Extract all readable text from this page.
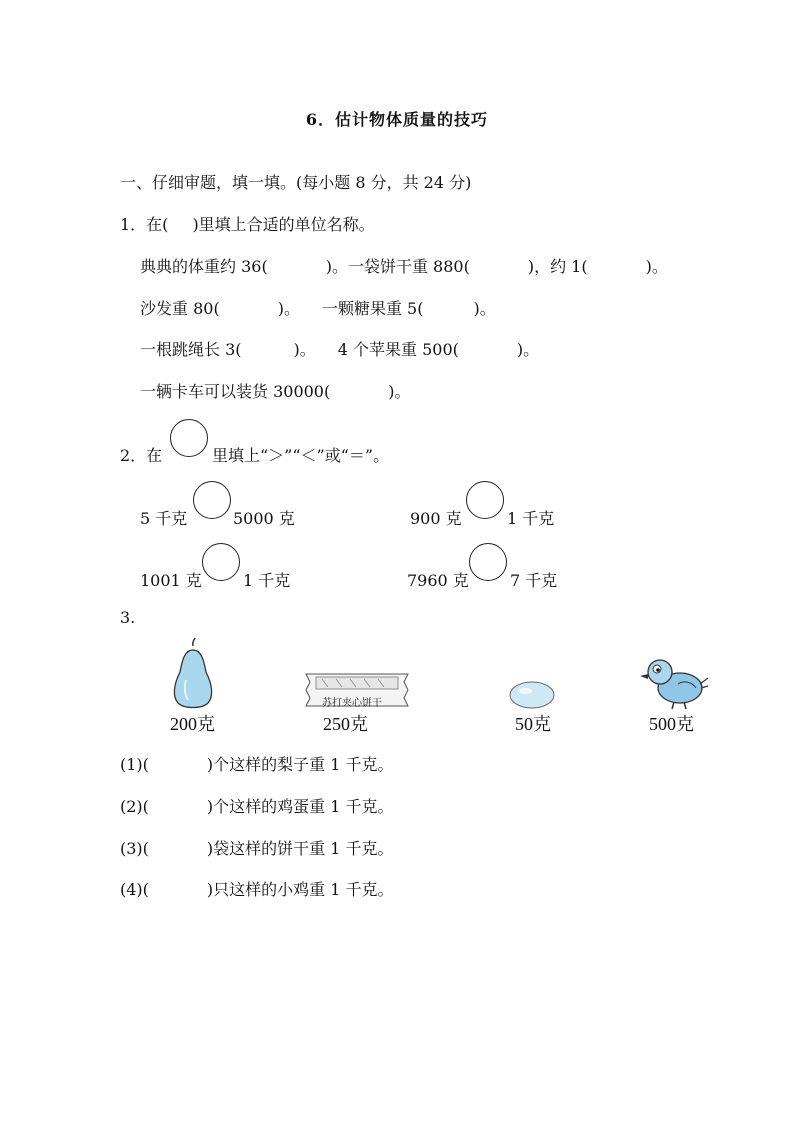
6．估计物体质量的技巧
一、仔细审题，填一填。(每小题 8 分，共 24 分)
1．在( )里填上合适的单位名称。
典典的体重约 36(	)。一袋饼干重 880(	)，约 1(	)。
沙发重 80(	)。 一颗糖果重 5(	)。
一根跳绳长 3(	)。 4 个苹果重 500(	)。
一辆卡车可以装货 30000(	)。
2．在	里填上“＞”“＜”或“＝”。
5 千克	5000 克	900 克	1 千克
1001 克	1 千克	7960 克	7 千克
3.
200克
苏打夹心饼干
250克	50克	500克
(1)(	)个这样的梨子重 1 千克。
(2)(	)个这样的鸡蛋重 1 千克。
(3)(	)袋这样的饼干重 1 千克。
(4)(	)只这样的小鸡重 1 千克。
